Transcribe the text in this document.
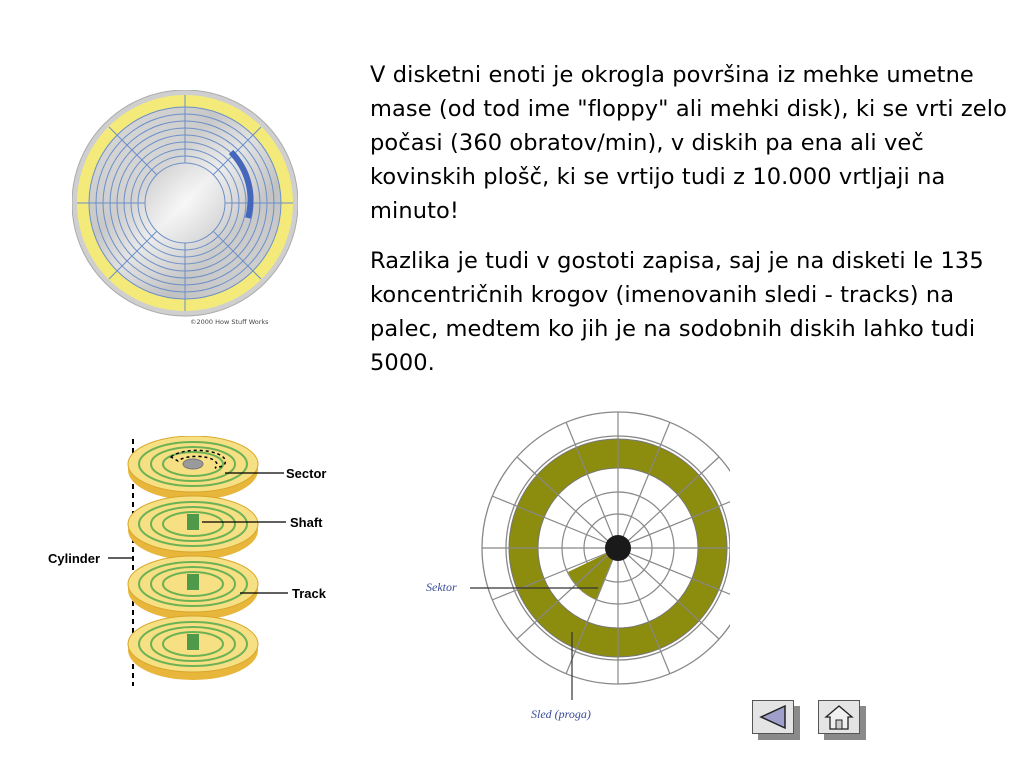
V disketni enoti je okrogla površina iz mehke umetne mase (od tod ime "floppy" ali mehki disk), ki se vrti zelo počasi (360 obratov/min), v diskih pa ena ali več kovinskih plošč, ki se vrtijo tudi z 10.000 vrtljaji na minuto!

Razlika je tudi v gostoti zapisa, saj je na disketi le 135 koncentričnih krogov (imenovanih sledi - tracks) na palec, medtem ko jih je na sodobnih diskih lahko tudi 5000.

©2000 How Stuff Works
Sector
Shaft
Track
Cylinder
Sektor
Sled (proga)
